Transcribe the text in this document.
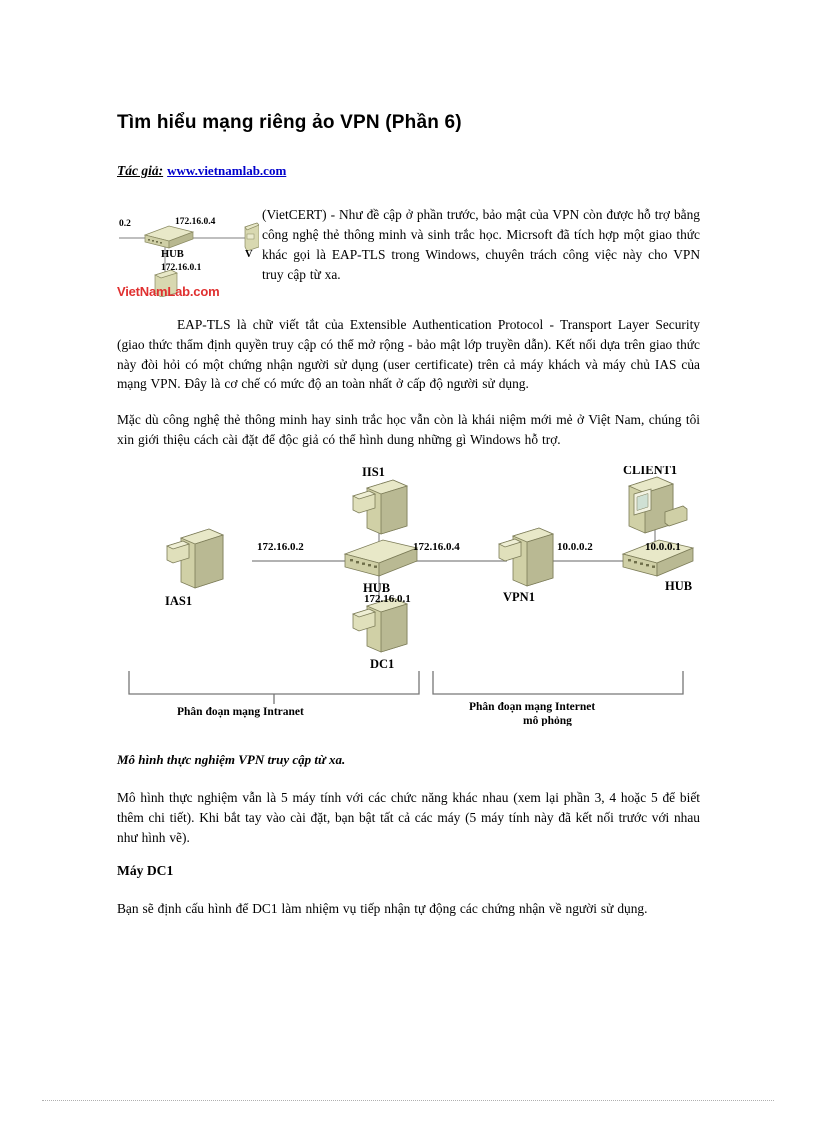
Tìm hiểu mạng riêng ảo VPN (Phần 6)
Tác giả: www.vietnamlab.com
0.2	172.16.0.4
HUB
172.16.0.1
V
VietNamLab.com

(VietCERT) - Như đề cập ở phần trước, bảo mật của VPN còn được hỗ trợ bằng công nghệ thẻ thông minh và sinh trắc học. Micrsoft đã tích hợp một giao thức khác gọi là EAP-TLS trong Windows, chuyên trách công việc này cho VPN truy cập từ xa.

EAP-TLS là chữ viết tắt của Extensible Authentication Protocol - Transport Layer Security (giao thức thẩm định quyền truy cập có thể mở rộng - bảo mật lớp truyền dẫn). Kết nối dựa trên giao thức này đòi hỏi có một chứng nhận người sử dụng (user certificate) trên cả máy khách và máy chủ IAS của mạng VPN. Đây là cơ chế có mức độ an toàn nhất ở cấp độ người sử dụng.

Mặc dù công nghệ thẻ thông minh hay sinh trắc học vẫn còn là khái niệm mới mẻ ở Việt Nam, chúng tôi xin giới thiệu cách cài đặt để độc giả có thể hình dung những gì Windows hỗ trợ.

IAS1
IIS1
HUB
VPN1
CLIENT1
HUB
DC1
172.16.0.2	172.16.0.4	10.0.0.2	10.0.0.1
172.16.0.1
Phân đoạn mạng Intranet	Phân đoạn mạng Internet
mô phỏng
Mô hình thực nghiệm VPN truy cập từ xa.

Mô hình thực nghiệm vẫn là 5 máy tính với các chức năng khác nhau (xem lại phần 3, 4 hoặc 5 để biết thêm chi tiết). Khi bắt tay vào cài đặt, bạn bật tất cả các máy (5 máy tính này đã kết nối trước với nhau như hình vẽ).

Máy DC1

Bạn sẽ định cấu hình để DC1 làm nhiệm vụ tiếp nhận tự động các chứng nhận về người sử dụng.
